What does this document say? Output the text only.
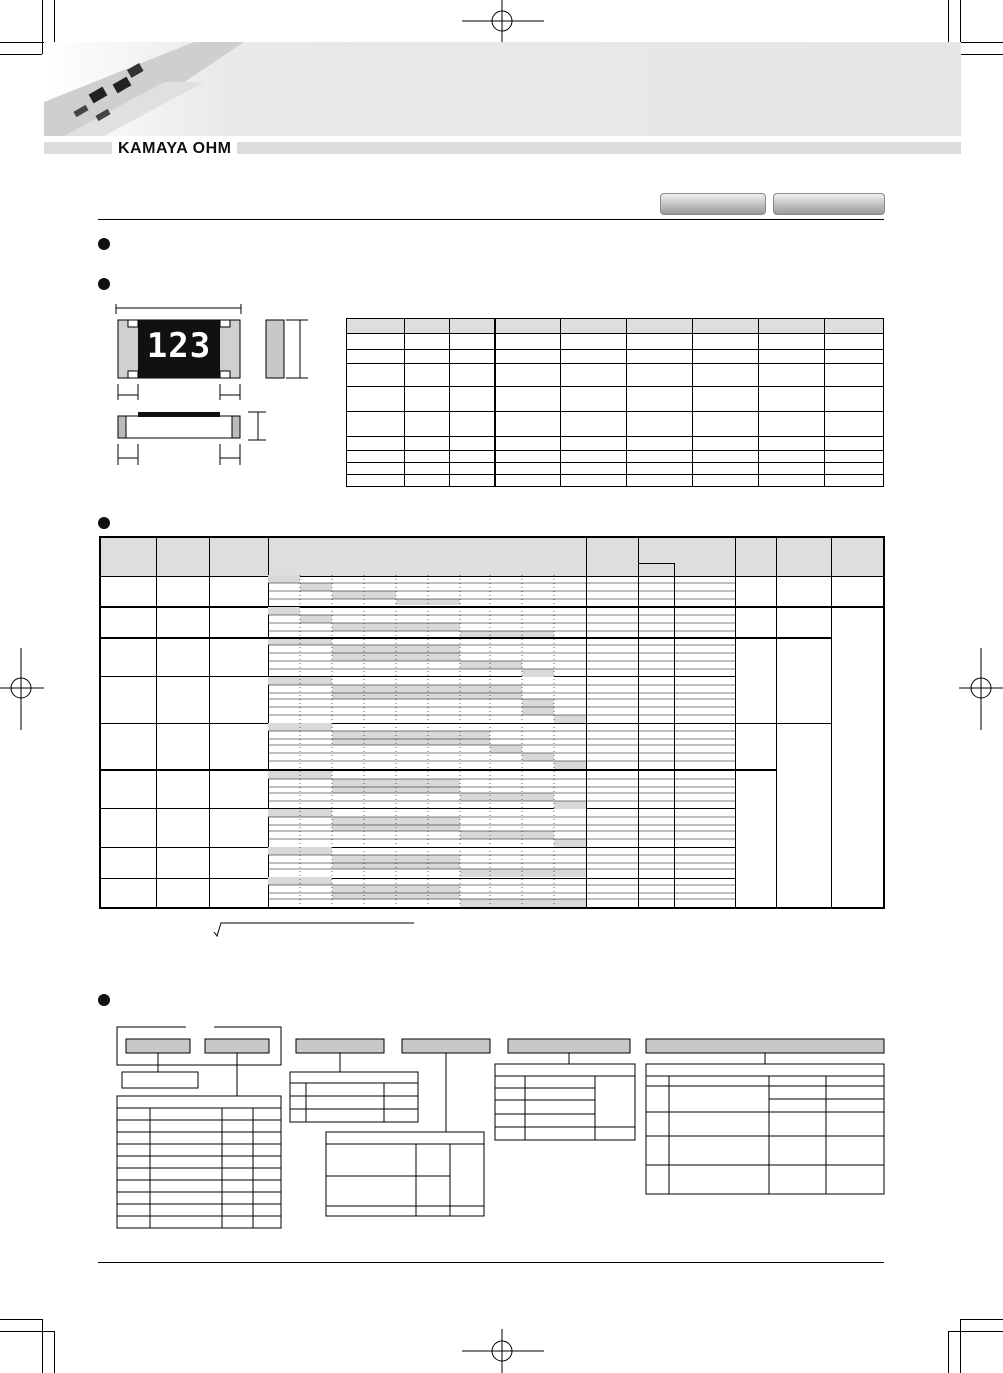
KAMAYA OHM
123
